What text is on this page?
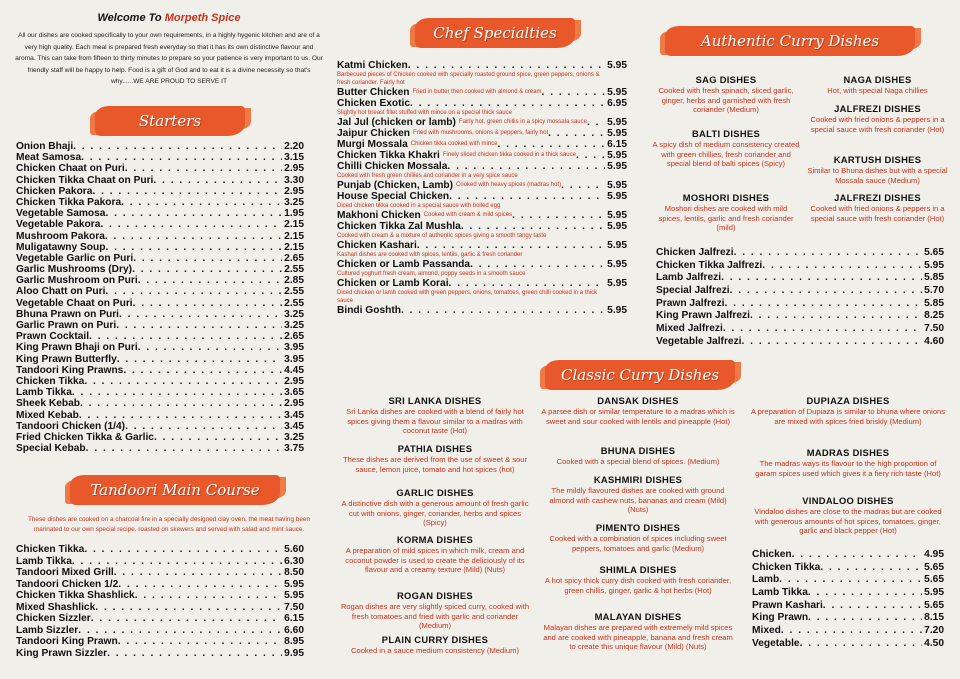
Welcome To Morpeth Spice

All our dishes are cooked specifically to your own requirements, in a highly hygenic kitchen and are of a very high quality. Each meal is prepared fresh everyday so that it has its own distinctive flavour and aroma. This can take from fifteen to thirty minutes to prepare so your patience is very important to us. Our friendly staff will be happy to help. Food is a gift of God and to eat it is a divine necessity so that's why......WE ARE PROUD TO SERVE IT

Starters
Onion Bhaji . . .	2.20
Meat Samosa . . .	3.15
Chicken Chaat on Puri . . .	2.95
Chicken Tikka Chaat on Puri . . .	3.30
Chicken Pakora . . .	2.95
Chicken Tikka Pakora . . .	3.25
Vegetable Samosa . . .	1.95
Vegetable Pakora . . .	2.15
Mushroom Pakora . . .	2.15
Muligatawny Soup . . .	2.15
Vegetable Garlic on Puri . . .	2.65
Garlic Mushrooms (Dry) . . .	2.55
Garlic Mushroom on Puri . . .	2.85
Aloo Chatt on Puri . . .	2.55
Vegetable Chaat on Puri . . .	2.55
Bhuna Prawn on Puri . . .	3.25
Garlic Prawn on Puri . . .	3.25
Prawn Cocktail . . .	2.65
King Prawn Bhaji on Puri . . .	3.95
King Prawn Butterfly . . .	3.95
Tandoori King Prawns . . .	4.45
Chicken Tikka . . .	2.95
Lamb Tikka . . .	3.65
Sheek Kebab . . .	2.95
Mixed Kebab . . .	3.45
Tandoori Chicken (1/4) . . .	3.45
Fried Chicken Tikka & Garlic . . .	3.25
Special Kebab . . .	3.75
Tandoori Main Course
These dishes are cooked on a charcoal fire in a specially designed clay oven, the meat having been marinated to our own special recipe, roasted on skewers and served with salad and mint sauce.
Chicken Tikka . . .	5.60
Lamb Tikka . . .	6.30
Tandoori Mixed Grill . . .	8.50
Tandoori Chicken 1/2 . . .	5.95
Chicken Tikka Shashlick . . .	5.95
Mixed Shashlick . . .	7.50
Chicken Sizzler . . .	6.15
Lamb Sizzler . . .	6.60
Tandoori King Prawn . . .	8.95
King Prawn Sizzler . . .	9.95
Chef Specialties
Katmi Chicken . . .	5.95
Barbecued pieces of Chicken cooked with specially roasted ground spice, green peppers, onions & fresh coriander. Fairly hot
Butter Chicken Fried in butter then cooked with almond & cream . . .	5.95
Chicken Exotic . . .	6.95
Slightly hot breast fillet stuffed with mince on a special thick sauce
Jal Jul (chicken or lamb) Fairly hot, green chillis in a spicy mossala sauce . . . 5.95
Jaipur Chicken Fried with mushrooms, onions & peppers, fairly hot . . .	5.95
Murgi Mossala Chicken tikka cooked with mince . . .	6.15
Chicken Tikka Khakri Finely sliced chicken tikka cooked in a thick sauce . . .	5.95
Chilli Chicken Mossala . . .	5.95
Cooked with fresh green chillies and coriander in a very spice sauce
Punjab (Chicken, Lamb) Cooked with heavy spices (madras hot) . . .	5.95
House Special Chicken . . .	5.95
Diced chicken tikka cooked in a special sauce with boiled egg
Makhoni Chicken Cooked with cream & mild spices . . .	5.95
Chicken Tikka Zal Mushla . . .	5.95
Cooked with cream & a mixture of authentic spices giving a smooth tangy taste
Chicken Kashari . . .	5.95
Kashari dishes are cooked with spices, lentils, garlic & fresh coriander
Chicken or Lamb Passanda . . .	5.95
Cultured yoghurt fresh cream, almond, poppy seeds in a smooth sauce
Chicken or Lamb Korai . . .	5.95
Diced chicken or lamb cooked with green peppers, onions, tomatoes, green chilli cooked in a thick sauce
Bindi Goshth . . .	5.95
Authentic Curry Dishes
SAG DISHES

Cooked with fresh spinach, sliced garlic, ginger, herbs and garnished with fresh coriander (Medium)

BALTI DISHES

A spicy dish of medium consistency created with green chillies, fresh coriander and special blend of balti spices (Spicy)

MOSHORI DISHES

Moshori dishes are cooked with mild spices, lentils, garlic and fresh coriander (mild)

NAGA DISHES

Hot, with special Naga chillies

JALFREZI DISHES

Cooked with fried onions & peppers in a special sauce with fresh coriander (Hot)

KARTUSH DISHES

Similar to Bhuna dishes but with a special Mossala sauce (Medium)

JALFREZI DISHES

Cooked with fried onions & peppers in a special sauce with fresh coriander (Hot)

Chicken Jalfrezi . . .	5.65
Chicken Tikka Jalfrezi . . .	5.95
Lamb Jalfrezi . . .	5.85
Special Jalfrezi . . .	5.70
Prawn Jalfrezi . . .	5.85
King Prawn Jalfrezi . . .	8.25
Mixed Jalfrezi . . .	7.50
Vegetable Jalfrezi . . .	4.60
Classic Curry Dishes
SRI LANKA DISHES

Sri Lanka dishes are cooked with a blend of fairly hot spices giving them a flavour similar to a madras with coconut taste (Hot)

PATHIA DISHES

These dishes are derived from the use of sweet & sour sauce, lemon juice, tomato and hot spices (hot)

GARLIC DISHES

A distinctive dish with a generous amount of fresh garlic cut with onions, ginger, coriander, herbs and spices (Spicy)

KORMA DISHES

A preparation of mild spices in which milk, cream and coconut powder is used to create the deliciously of its flavour and a creamy texture (Mild) (Nuts)

ROGAN DISHES

Rogan dishes are very slightly spiced curry, cooked with fresh tomatoes and fried with garlic and coriander (Medium)

PLAIN CURRY DISHES

Cooked in a sauce medium consistency (Medium)

DANSAK DISHES

A parsee dish or similar temperature to a madras which is sweet and sour cooked with lentils and pineapple (Hot)

BHUNA DISHES

Cooked with a special blend of spices. (Medium)

KASHMIRI DISHES

The mildly flavoured dishes are cooked with ground almond with cashew nuts, bananas and cream (Mild) (Nuts)

PIMENTO DISHES

Cooked with a combination of spices including sweet peppers, tomatoes and garlic (Medium)

SHIMLA DISHES

A hot spicy thick curry dish cooked with fresh coriander, green chillis, ginger, garlic & hot herbs (Hot)

MALAYAN DISHES

Malayan dishes are prepared with extremely mild spices and are cooked with pineapple, banana and fresh cream to create this unique flavour (Mild) (Nuts)

DUPIAZA DISHES

A preparation of Dupiaza is similar to bhuna where onions are mixed with spices fried briskly (Medium)

MADRAS DISHES

The madras ways its flavour to the high proportion of garam spices used which gives it a fiery rich taste (Hot)

VINDALOO DISHES

Vindaloo dishes are close to the madras but are cooked with generous amounts of hot spices, tomatoes, ginger, garlic and black pepper (Hot)

Chicken . . .	4.95
Chicken Tikka . . .	5.65
Lamb . . .	5.65
Lamb Tikka . . .	5.95
Prawn Kashari . . .	5.65
King Prawn . . .	8.15
Mixed . . .	7.20
Vegetable . . .	4.50
